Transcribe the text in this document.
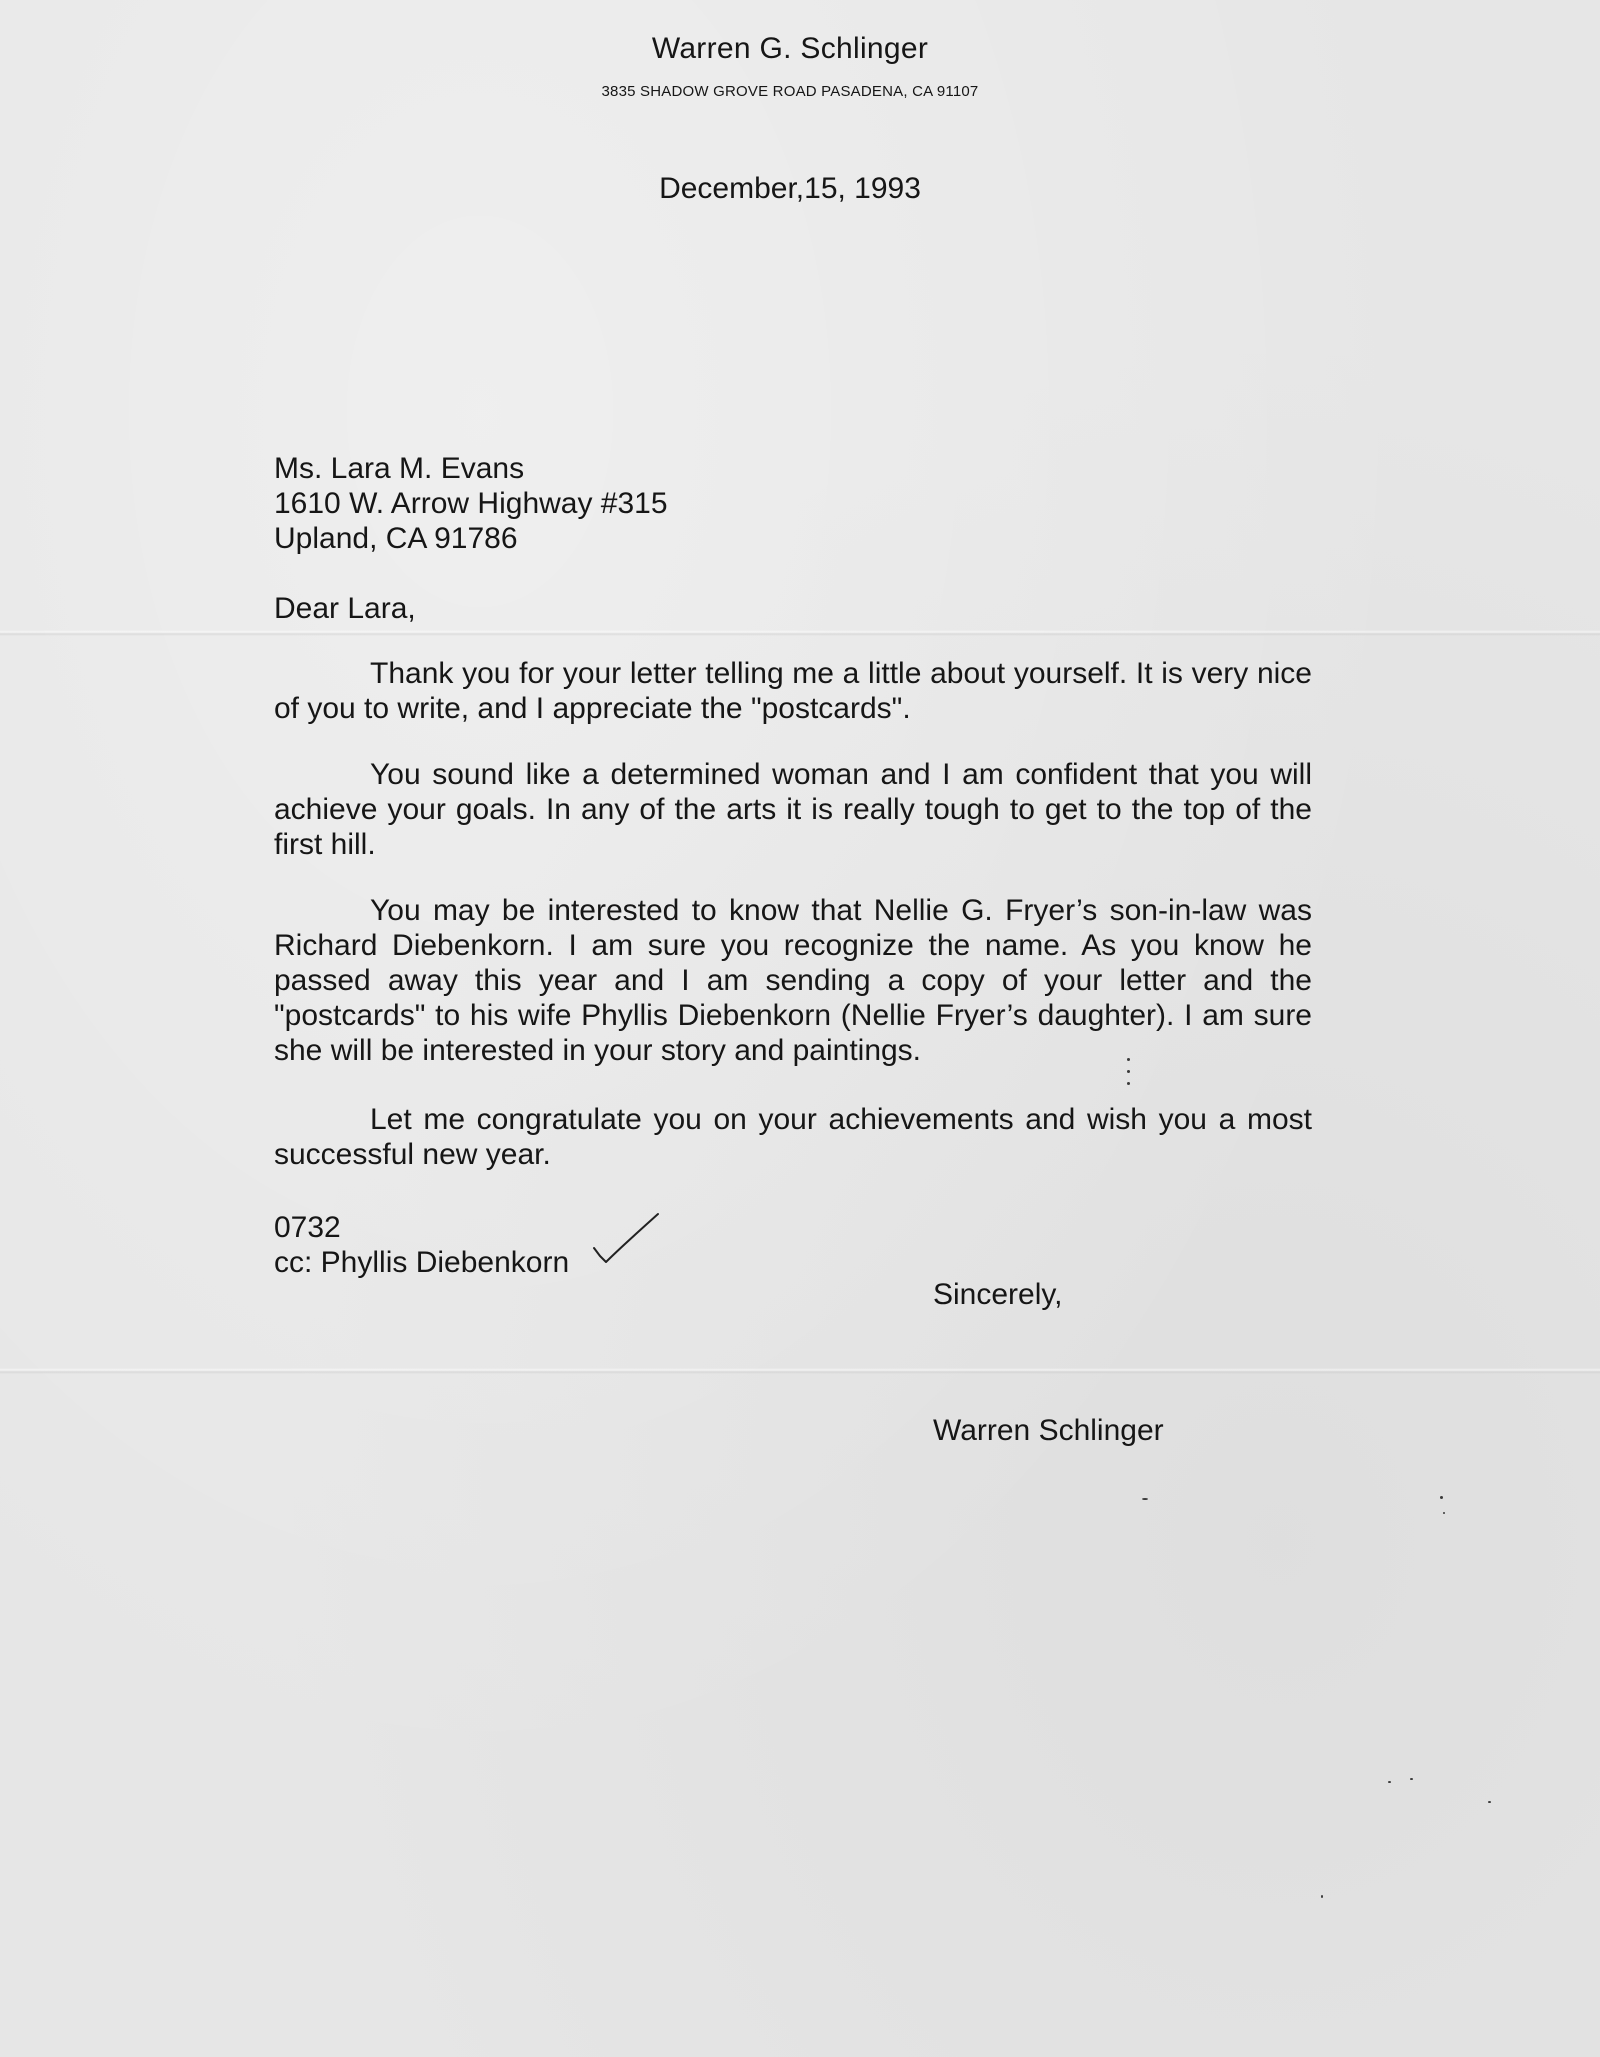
Warren G. Schlinger
3835 SHADOW GROVE ROAD PASADENA, CA 91107
December,15, 1993
Ms. Lara M. Evans
1610 W. Arrow Highway #315
Upland, CA 91786
Dear Lara,

Thank you for your letter telling me a little about yourself. It is very nice of you to write, and I appreciate the "postcards".

You sound like a determined woman and I am confident that you will achieve your goals. In any of the arts it is really tough to get to the top of the first hill.

You may be interested to know that Nellie G. Fryer’s son-in-law was Richard Diebenkorn. I am sure you recognize the name. As you know he passed away this year and I am sending a copy of your letter and the "postcards" to his wife Phyllis Diebenkorn (Nellie Fryer’s daughter). I am sure she will be interested in your story and paintings.

Let me congratulate you on your achievements and wish you a most successful new year.

0732
cc: Phyllis Diebenkorn
Sincerely,
Warren Schlinger
